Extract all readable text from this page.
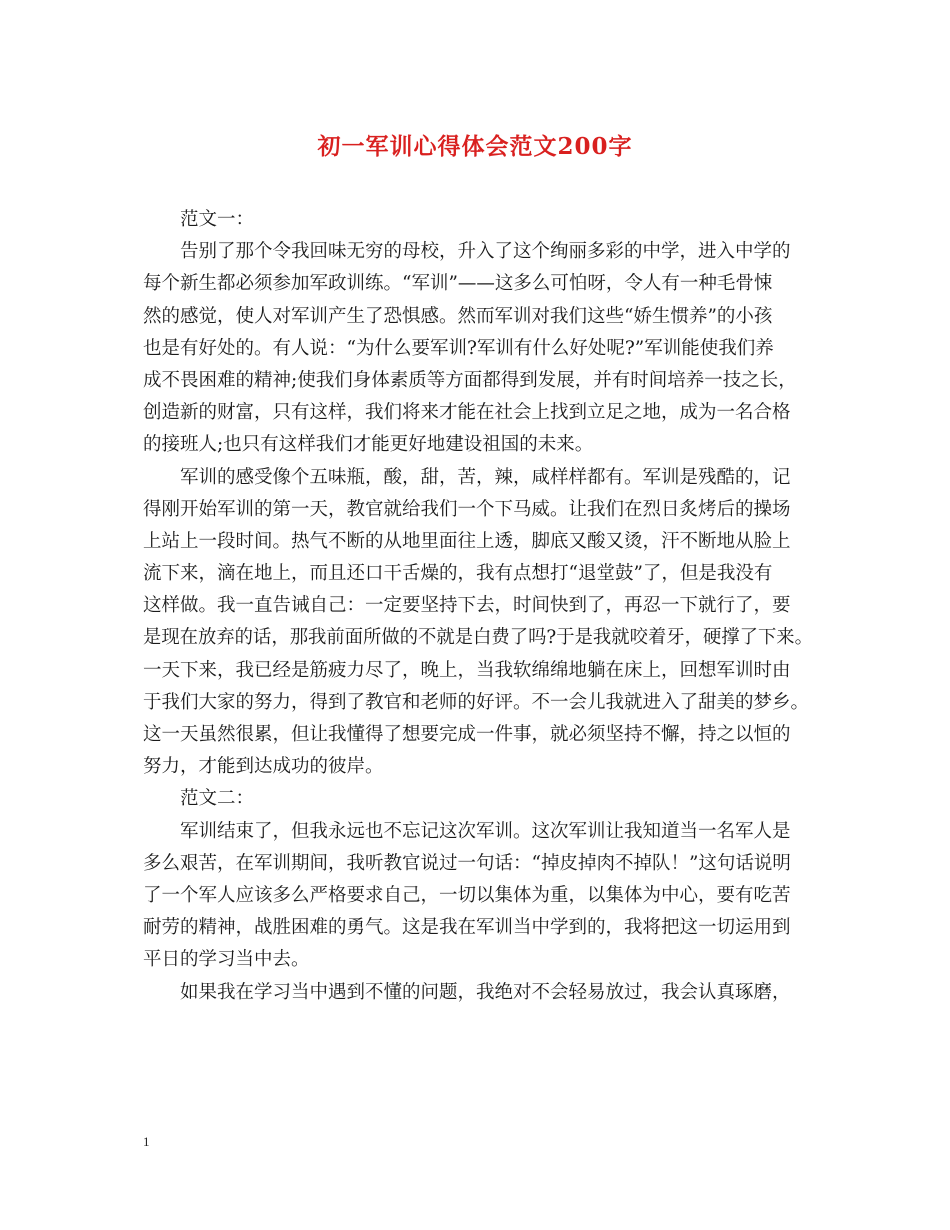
初一军训心得体会范文200字

范文一：

告别了那个令我回味无穷的母校，升入了这个绚丽多彩的中学，进入中学的

每个新生都必须参加军政训练。“军训”——这多么可怕呀，令人有一种毛骨悚

然的感觉，使人对军训产生了恐惧感。然而军训对我们这些“娇生惯养”的小孩

也是有好处的。有人说：“为什么要军训?军训有什么好处呢?”军训能使我们养

成不畏困难的精神;使我们身体素质等方面都得到发展，并有时间培养一技之长，

创造新的财富，只有这样，我们将来才能在社会上找到立足之地，成为一名合格

的接班人;也只有这样我们才能更好地建设祖国的未来。

军训的感受像个五味瓶，酸，甜，苦，辣，咸样样都有。军训是残酷的，记

得刚开始军训的第一天，教官就给我们一个下马威。让我们在烈日炙烤后的操场

上站上一段时间。热气不断的从地里面往上透，脚底又酸又烫，汗不断地从脸上

流下来，滴在地上，而且还口干舌燥的，我有点想打“退堂鼓”了，但是我没有

这样做。我一直告诫自己：一定要坚持下去，时间快到了，再忍一下就行了，要

是现在放弃的话，那我前面所做的不就是白费了吗?于是我就咬着牙，硬撑了下来。

一天下来，我已经是筋疲力尽了，晚上，当我软绵绵地躺在床上，回想军训时由

于我们大家的努力，得到了教官和老师的好评。不一会儿我就进入了甜美的梦乡。

这一天虽然很累，但让我懂得了想要完成一件事，就必须坚持不懈，持之以恒的

努力，才能到达成功的彼岸。

范文二：

军训结束了，但我永远也不忘记这次军训。这次军训让我知道当一名军人是

多么艰苦，在军训期间，我听教官说过一句话：“掉皮掉肉不掉队！”这句话说明

了一个军人应该多么严格要求自己，一切以集体为重，以集体为中心，要有吃苦

耐劳的精神，战胜困难的勇气。这是我在军训当中学到的，我将把这一切运用到

平日的学习当中去。

如果我在学习当中遇到不懂的问题，我绝对不会轻易放过，我会认真琢磨，

1
